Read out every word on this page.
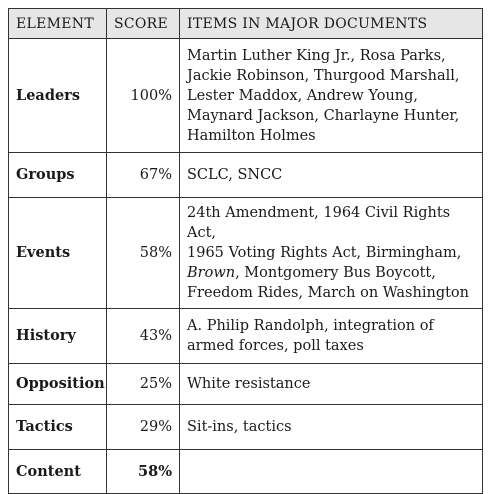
ELEMENT	SCORE	ITEMS IN MAJOR DOCUMENTS
Leaders	100%	Martin Luther King Jr., Rosa Parks,
Jackie Robinson, Thurgood Marshall,
Lester Maddox, Andrew Young,
Maynard Jackson, Charlayne Hunter,
Hamilton Holmes

Groups	67%	SCLC, SNCC

Events	58%	24th Amendment, 1964 Civil Rights Act,
1965 Voting Rights Act, Birmingham,
Brown, Montgomery Bus Boycott,
Freedom Rides, March on Washington

History	43%	A. Philip Randolph, integration of
armed forces, poll taxes

Opposition	25%	White resistance

Tactics	29%	Sit-ins, tactics

Content	58%	
